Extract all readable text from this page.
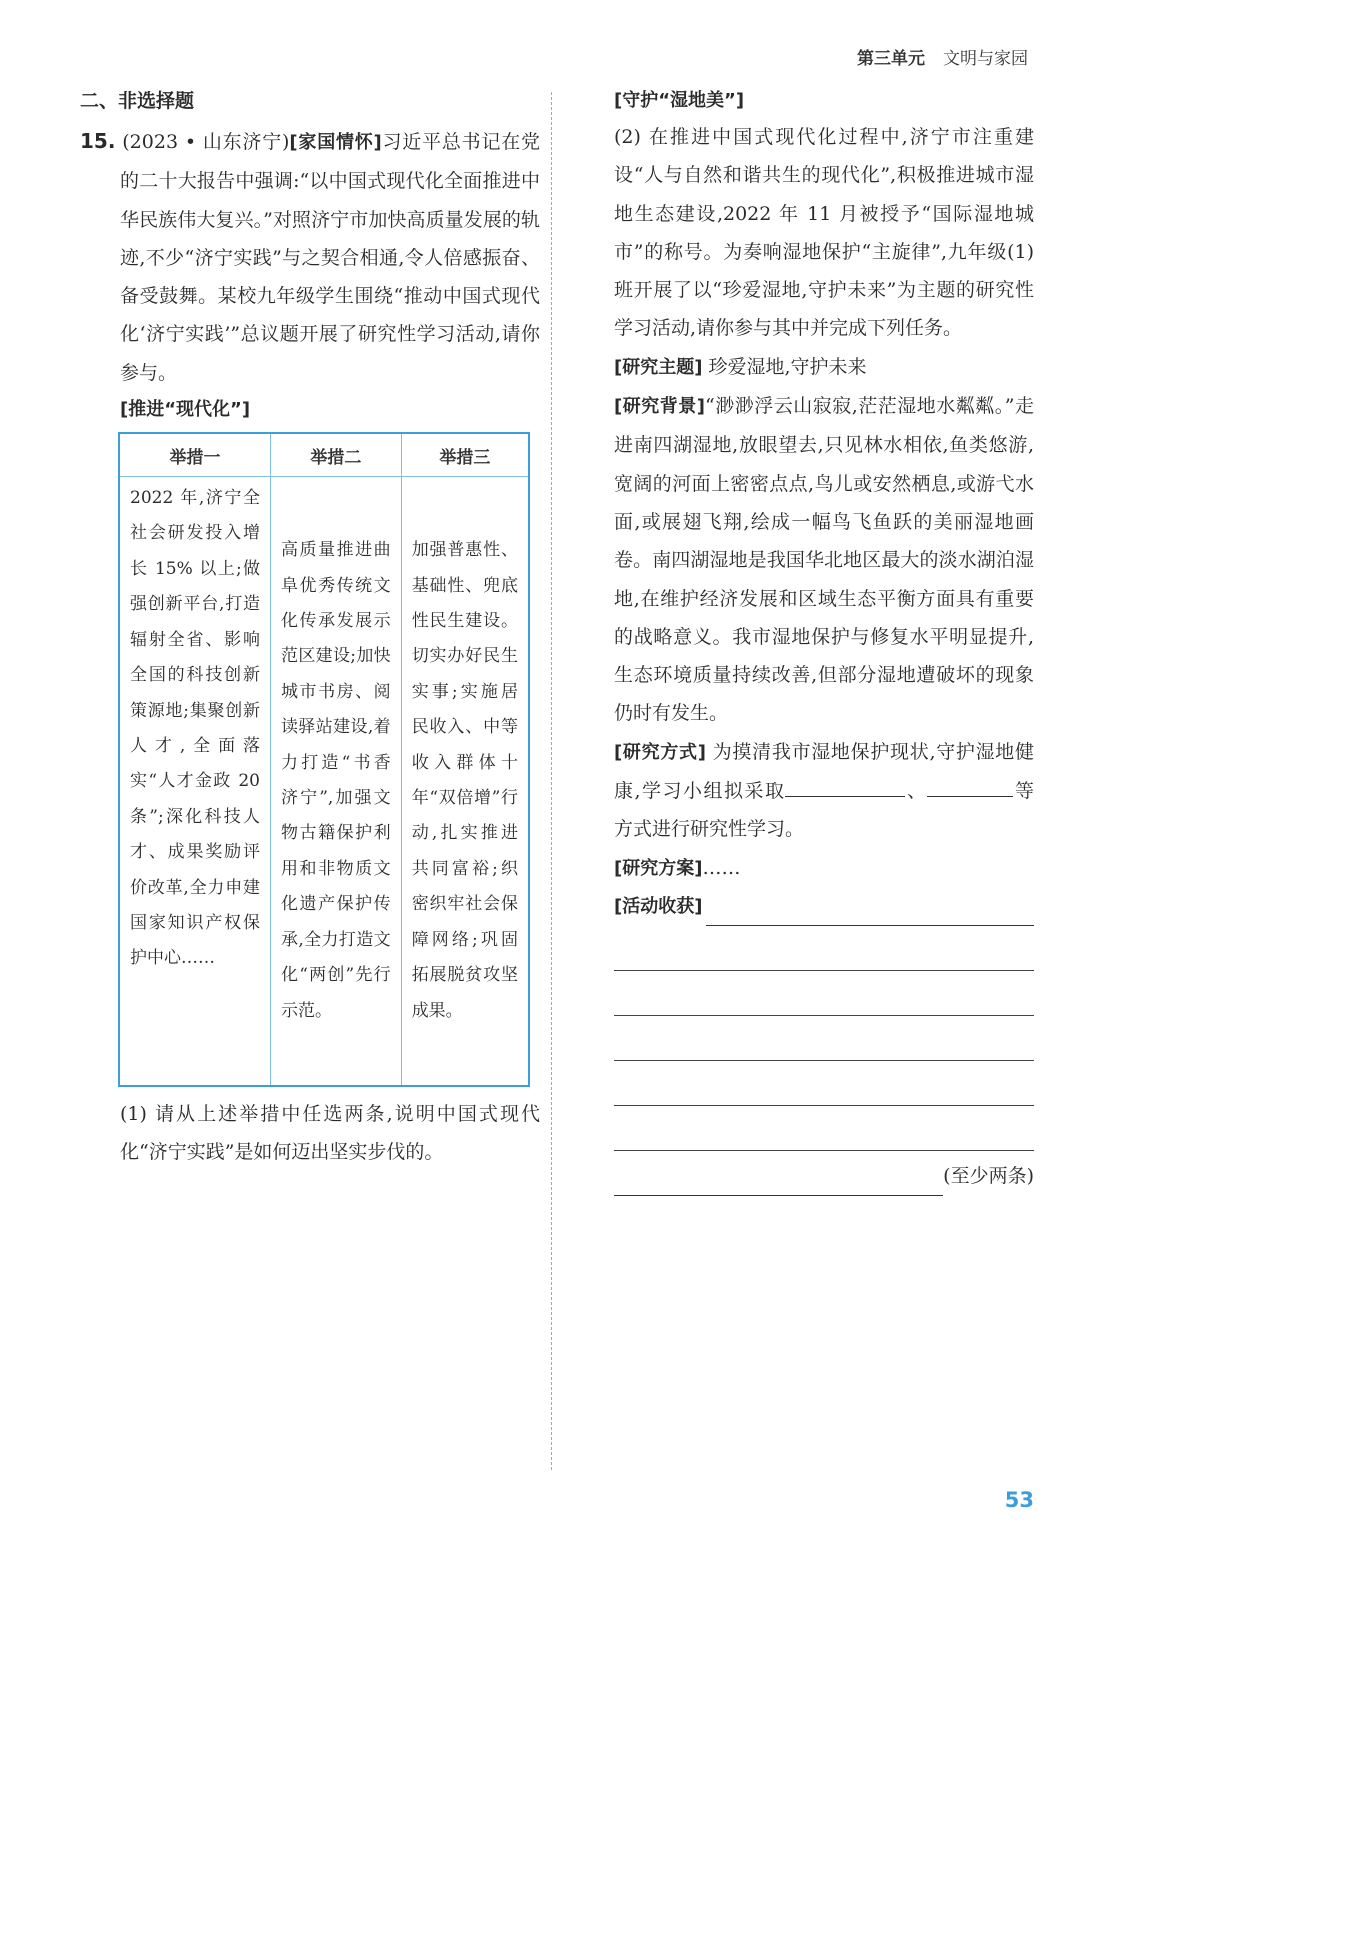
第三单元 文明与家园
二、非选择题
15. (2023 • 山东济宁)[家国情怀]习近平总书记在党的二十大报告中强调:“以中国式现代化全面推进中华民族伟大复兴。”对照济宁市加快高质量发展的轨迹,不少“济宁实践”与之契合相通,令人倍感振奋、备受鼓舞。某校九年级学生围绕“推动中国式现代化‘济宁实践’”总议题开展了研究性学习活动,请你参与。
[推进“现代化”]
举措一	举措二	举措三
2022 年,济宁全社会研发投入增长 15% 以上;做强创新平台,打造辐射全省、影响全国的科技创新策源地;集聚创新人才,全面落实“人才金政 20 条”;深化科技人才、成果奖励评价改革,全力申建国家知识产权保护中心……	高质量推进曲阜优秀传统文化传承发展示范区建设;加快城市书房、阅读驿站建设,着力打造“书香济宁”,加强文物古籍保护利用和非物质文化遗产保护传承,全力打造文化“两创”先行示范。	加强普惠性、基础性、兜底性民生建设。切实办好民生实事;实施居民收入、中等收入群体十年“双倍增”行动,扎实推进共同富裕;织密织牢社会保障网络;巩固拓展脱贫攻坚成果。
(1) 请从上述举措中任选两条,说明中国式现代化“济宁实践”是如何迈出坚实步伐的。
[守护“湿地美”]
(2) 在推进中国式现代化过程中,济宁市注重建设“人与自然和谐共生的现代化”,积极推进城市湿地生态建设,2022 年 11 月被授予“国际湿地城市”的称号。为奏响湿地保护“主旋律”,九年级(1)班开展了以“珍爱湿地,守护未来”为主题的研究性学习活动,请你参与其中并完成下列任务。
[研究主题] 珍爱湿地,守护未来
[研究背景]“渺渺浮云山寂寂,茫茫湿地水粼粼。”走进南四湖湿地,放眼望去,只见林水相依,鱼类悠游,宽阔的河面上密密点点,鸟儿或安然栖息,或游弋水面,或展翅飞翔,绘成一幅鸟飞鱼跃的美丽湿地画卷。南四湖湿地是我国华北地区最大的淡水湖泊湿地,在维护经济发展和区域生态平衡方面具有重要的战略意义。我市湿地保护与修复水平明显提升,生态环境质量持续改善,但部分湿地遭破坏的现象仍时有发生。
[研究方式] 为摸清我市湿地保护现状,守护湿地健康,学习小组拟采取	、	等方式进行研究性学习。
[研究方案]……
[活动收获]
(至少两条)
53
